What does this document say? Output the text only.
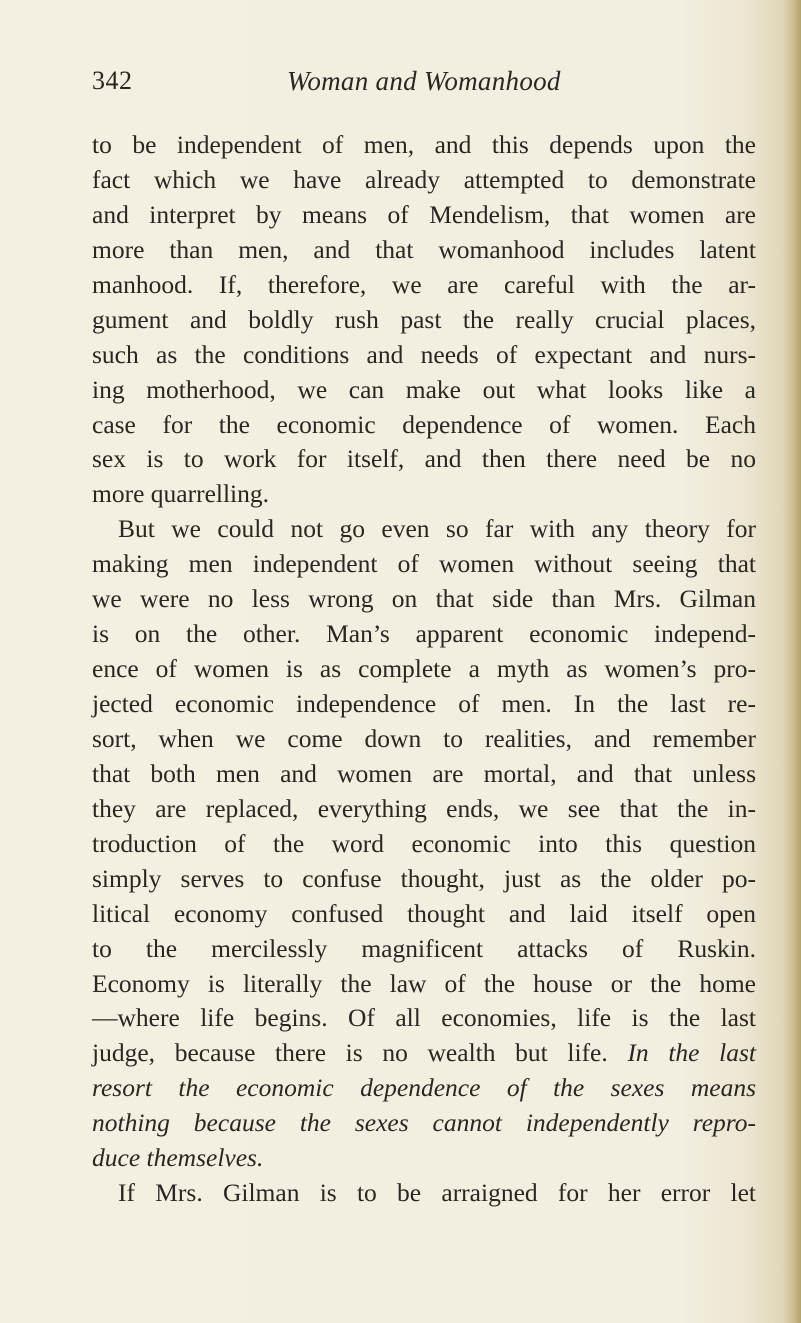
342	Woman and Womanhood
to be independent of men, and this depends upon the
fact which we have already attempted to demonstrate
and interpret by means of Mendelism, that women are
more than men, and that womanhood includes latent
manhood. If, therefore, we are careful with the ar-
gument and boldly rush past the really crucial places,
such as the conditions and needs of expectant and nurs-
ing motherhood, we can make out what looks like a
case for the economic dependence of women. Each
sex is to work for itself, and then there need be no
more quarrelling.
But we could not go even so far with any theory for
making men independent of women without seeing that
we were no less wrong on that side than Mrs. Gilman
is on the other. Man’s apparent economic independ-
ence of women is as complete a myth as women’s pro-
jected economic independence of men. In the last re-
sort, when we come down to realities, and remember
that both men and women are mortal, and that unless
they are replaced, everything ends, we see that the in-
troduction of the word economic into this question
simply serves to confuse thought, just as the older po-
litical economy confused thought and laid itself open
to the mercilessly magnificent attacks of Ruskin.
Economy is literally the law of the house or the home
—where life begins. Of all economies, life is the last
judge, because there is no wealth but life. In the last
resort the economic dependence of the sexes means
nothing because the sexes cannot independently repro-
duce themselves.
If Mrs. Gilman is to be arraigned for her error let
